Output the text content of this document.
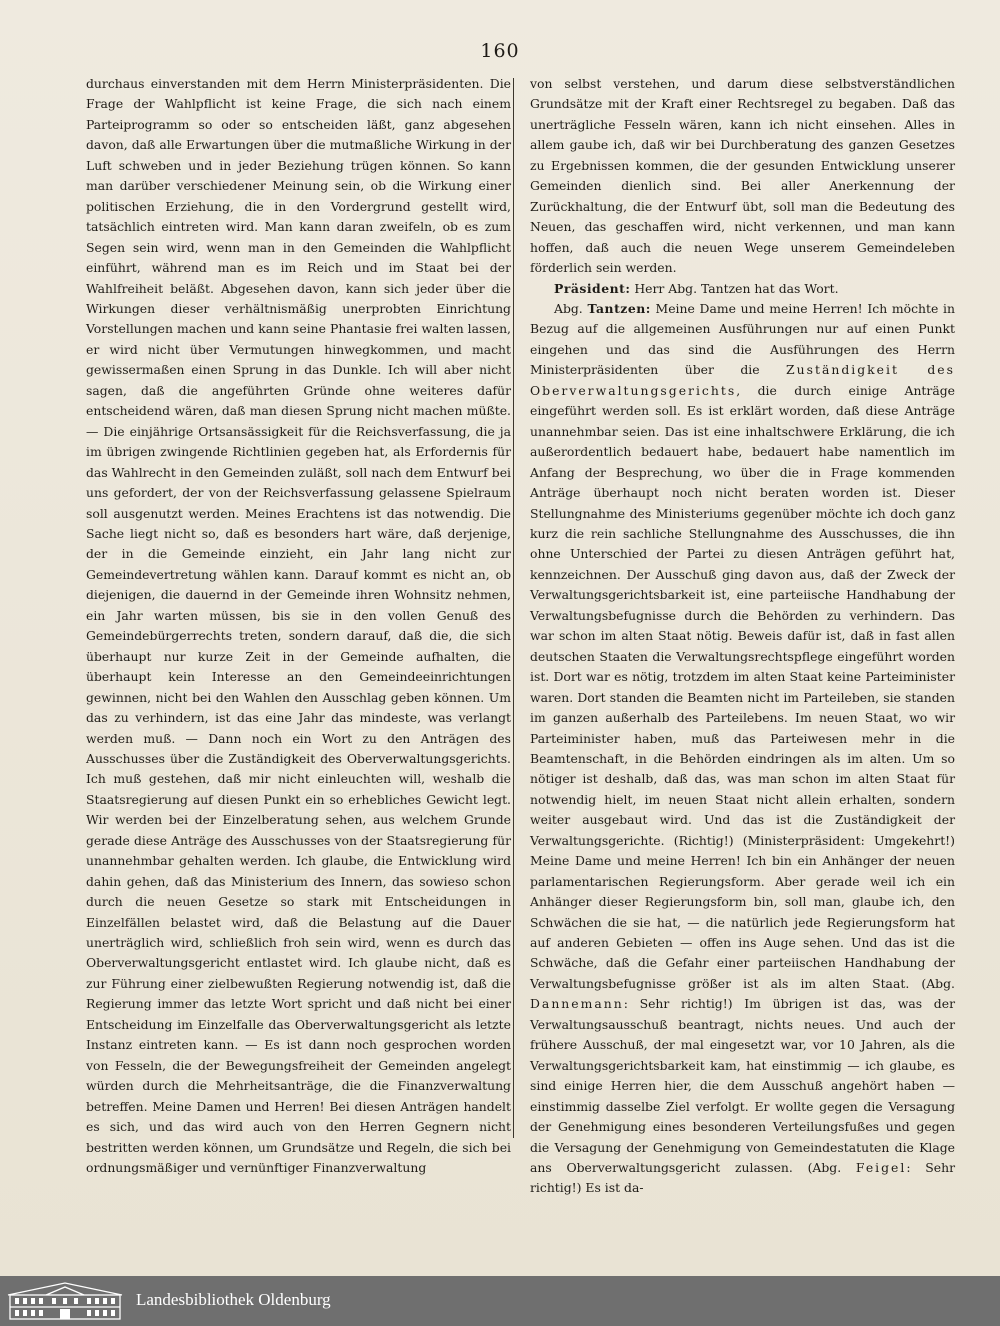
160

durchaus einverstanden mit dem Herrn Ministerpräsidenten. Die Frage der Wahlpflicht ist keine Frage, die sich nach einem Parteiprogramm so oder so entscheiden läßt, ganz abgesehen davon, daß alle Erwartungen über die mutmaßliche Wirkung in der Luft schweben und in jeder Beziehung trügen können. So kann man darüber verschiedener Meinung sein, ob die Wirkung einer politischen Erziehung, die in den Vordergrund gestellt wird, tatsächlich eintreten wird. Man kann daran zweifeln, ob es zum Segen sein wird, wenn man in den Gemeinden die Wahlpflicht einführt, während man es im Reich und im Staat bei der Wahlfreiheit beläßt. Abgesehen davon, kann sich jeder über die Wirkungen dieser verhältnismäßig unerprobten Einrichtung Vorstellungen machen und kann seine Phantasie frei walten lassen, er wird nicht über Vermutungen hinwegkommen, und macht gewissermaßen einen Sprung in das Dunkle. Ich will aber nicht sagen, daß die angeführten Gründe ohne weiteres dafür entscheidend wären, daß man diesen Sprung nicht machen müßte. — Die einjährige Ortsansässigkeit für die Reichsverfassung, die ja im übrigen zwingende Richtlinien gegeben hat, als Erfordernis für das Wahlrecht in den Gemeinden zuläßt, soll nach dem Entwurf bei uns gefordert, der von der Reichsverfassung gelassene Spielraum soll ausgenutzt werden. Meines Erachtens ist das notwendig. Die Sache liegt nicht so, daß es besonders hart wäre, daß derjenige, der in die Gemeinde einzieht, ein Jahr lang nicht zur Gemeindevertretung wählen kann. Darauf kommt es nicht an, ob diejenigen, die dauernd in der Gemeinde ihren Wohnsitz nehmen, ein Jahr warten müssen, bis sie in den vollen Genuß des Gemeindebürgerrechts treten, sondern darauf, daß die, die sich überhaupt nur kurze Zeit in der Gemeinde aufhalten, die überhaupt kein Interesse an den Gemeindeeinrichtungen gewinnen, nicht bei den Wahlen den Ausschlag geben können. Um das zu verhindern, ist das eine Jahr das mindeste, was verlangt werden muß. — Dann noch ein Wort zu den Anträgen des Ausschusses über die Zuständigkeit des Oberverwaltungsgerichts. Ich muß gestehen, daß mir nicht einleuchten will, weshalb die Staatsregierung auf diesen Punkt ein so erhebliches Gewicht legt. Wir werden bei der Einzelberatung sehen, aus welchem Grunde gerade diese Anträge des Ausschusses von der Staatsregierung für unannehmbar gehalten werden. Ich glaube, die Entwicklung wird dahin gehen, daß das Ministerium des Innern, das sowieso schon durch die neuen Gesetze so stark mit Entscheidungen in Einzelfällen belastet wird, daß die Belastung auf die Dauer unerträglich wird, schließlich froh sein wird, wenn es durch das Oberverwaltungsgericht entlastet wird. Ich glaube nicht, daß es zur Führung einer zielbewußten Regierung notwendig ist, daß die Regierung immer das letzte Wort spricht und daß nicht bei einer Entscheidung im Einzelfalle das Oberverwaltungsgericht als letzte Instanz eintreten kann. — Es ist dann noch gesprochen worden von Fesseln, die der Bewegungsfreiheit der Gemeinden angelegt würden durch die Mehrheitsanträge, die die Finanzverwaltung betreffen. Meine Damen und Herren! Bei diesen Anträgen handelt es sich, und das wird auch von den Herren Gegnern nicht bestritten werden können, um Grundsätze und Regeln, die sich bei ordnungsmäßiger und vernünftiger Finanzverwaltung

von selbst verstehen, und darum diese selbstverständlichen Grundsätze mit der Kraft einer Rechtsregel zu begaben. Daß das unerträgliche Fesseln wären, kann ich nicht einsehen. Alles in allem gaube ich, daß wir bei Durchberatung des ganzen Gesetzes zu Ergebnissen kommen, die der gesunden Entwicklung unserer Gemeinden dienlich sind. Bei aller Anerkennung der Zurückhaltung, die der Entwurf übt, soll man die Bedeutung des Neuen, das geschaffen wird, nicht verkennen, und man kann hoffen, daß auch die neuen Wege unserem Gemeindeleben förderlich sein werden.

Präsident: Herr Abg. Tantzen hat das Wort.

Abg. Tantzen: Meine Dame und meine Herren! Ich möchte in Bezug auf die allgemeinen Ausführungen nur auf einen Punkt eingehen und das sind die Ausführungen des Herrn Ministerpräsidenten über die Zuständigkeit des Oberverwaltungsgerichts, die durch einige Anträge eingeführt werden soll. Es ist erklärt worden, daß diese Anträge unannehmbar seien. Das ist eine inhaltschwere Erklärung, die ich außerordentlich bedauert habe, bedauert habe namentlich im Anfang der Besprechung, wo über die in Frage kommenden Anträge überhaupt noch nicht beraten worden ist. Dieser Stellungnahme des Ministeriums gegenüber möchte ich doch ganz kurz die rein sachliche Stellungnahme des Ausschusses, die ihn ohne Unterschied der Partei zu diesen Anträgen geführt hat, kennzeichnen. Der Ausschuß ging davon aus, daß der Zweck der Verwaltungsgerichtsbarkeit ist, eine parteiische Handhabung der Verwaltungsbefugnisse durch die Behörden zu verhindern. Das war schon im alten Staat nötig. Beweis dafür ist, daß in fast allen deutschen Staaten die Verwaltungsrechtspflege eingeführt worden ist. Dort war es nötig, trotzdem im alten Staat keine Parteiminister waren. Dort standen die Beamten nicht im Parteileben, sie standen im ganzen außerhalb des Parteilebens. Im neuen Staat, wo wir Parteiminister haben, muß das Parteiwesen mehr in die Beamtenschaft, in die Behörden eindringen als im alten. Um so nötiger ist deshalb, daß das, was man schon im alten Staat für notwendig hielt, im neuen Staat nicht allein erhalten, sondern weiter ausgebaut wird. Und das ist die Zuständigkeit der Verwaltungsgerichte. (Richtig!) (Ministerpräsident: Umgekehrt!) Meine Dame und meine Herren! Ich bin ein Anhänger der neuen parlamentarischen Regierungsform. Aber gerade weil ich ein Anhänger dieser Regierungsform bin, soll man, glaube ich, den Schwächen die sie hat, — die natürlich jede Regierungsform hat auf anderen Gebieten — offen ins Auge sehen. Und das ist die Schwäche, daß die Gefahr einer parteiischen Handhabung der Verwaltungsbefugnisse größer ist als im alten Staat. (Abg. Dannemann: Sehr richtig!) Im übrigen ist das, was der Verwaltungsausschuß beantragt, nichts neues. Und auch der frühere Ausschuß, der mal eingesetzt war, vor 10 Jahren, als die Verwaltungsgerichtsbarkeit kam, hat einstimmig — ich glaube, es sind einige Herren hier, die dem Ausschuß angehört haben — einstimmig dasselbe Ziel verfolgt. Er wollte gegen die Versagung der Genehmigung eines besonderen Verteilungsfußes und gegen die Versagung der Genehmigung von Gemeindestatuten die Klage ans Oberverwaltungsgericht zulassen. (Abg. Feigel: Sehr richtig!) Es ist da-

Landesbibliothek Oldenburg
